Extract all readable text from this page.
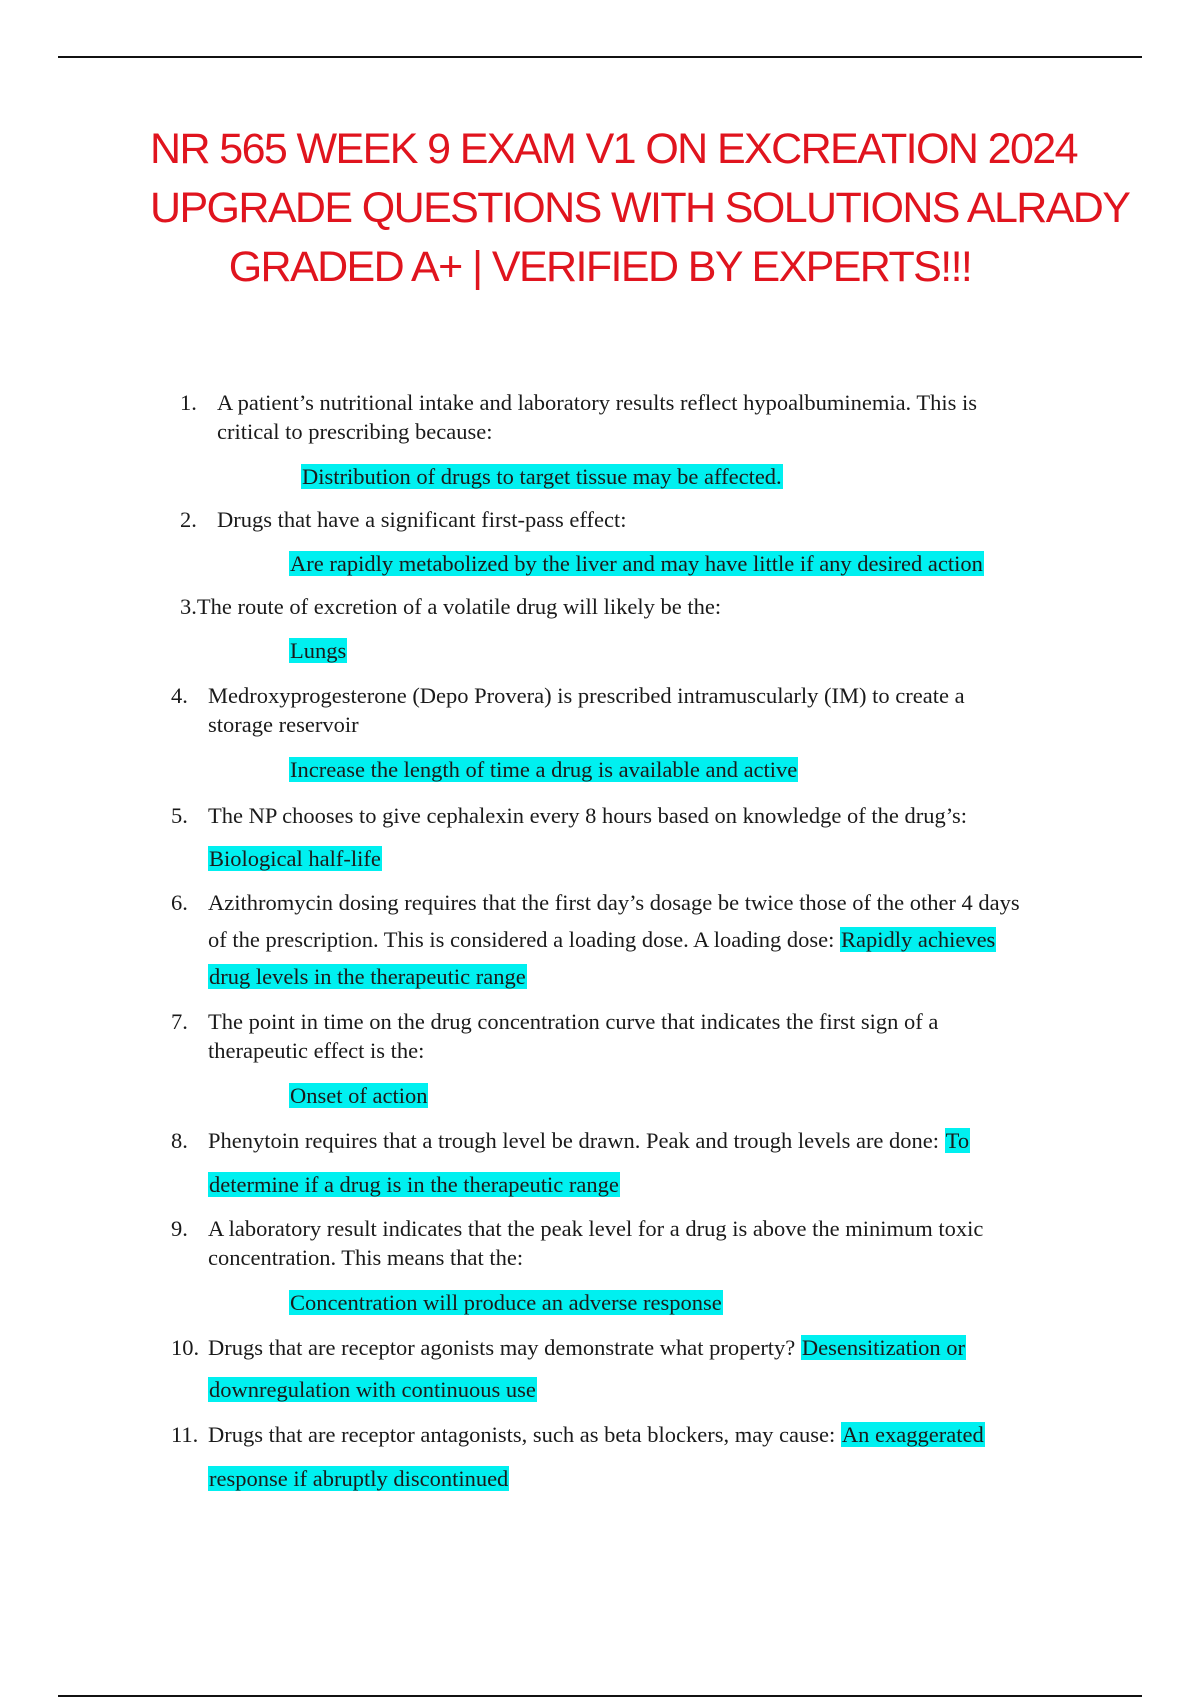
NR 565 WEEK 9 EXAM V1 ON EXCREATION 2024
UPGRADE QUESTIONS WITH SOLUTIONS ALRADY
GRADED A+ | VERIFIED BY EXPERTS!!!
1. A patient’s nutritional intake and laboratory results reflect hypoalbuminemia. This is
critical to prescribing because:
Distribution of drugs to target tissue may be affected.
2. Drugs that have a significant first-pass effect:
Are rapidly metabolized by the liver and may have little if any desired action
3.The route of excretion of a volatile drug will likely be the:
Lungs
4. Medroxyprogesterone (Depo Provera) is prescribed intramuscularly (IM) to create a
storage reservoir
Increase the length of time a drug is available and active
5. The NP chooses to give cephalexin every 8 hours based on knowledge of the drug’s:
Biological half-life
6. Azithromycin dosing requires that the first day’s dosage be twice those of the other 4 days
of the prescription. This is considered a loading dose. A loading dose: Rapidly achieves
drug levels in the therapeutic range
7. The point in time on the drug concentration curve that indicates the first sign of a
therapeutic effect is the:
Onset of action
8. Phenytoin requires that a trough level be drawn. Peak and trough levels are done: To
determine if a drug is in the therapeutic range
9. A laboratory result indicates that the peak level for a drug is above the minimum toxic
concentration. This means that the:
Concentration will produce an adverse response
10. Drugs that are receptor agonists may demonstrate what property? Desensitization or
downregulation with continuous use
11. Drugs that are receptor antagonists, such as beta blockers, may cause: An exaggerated
response if abruptly discontinued
